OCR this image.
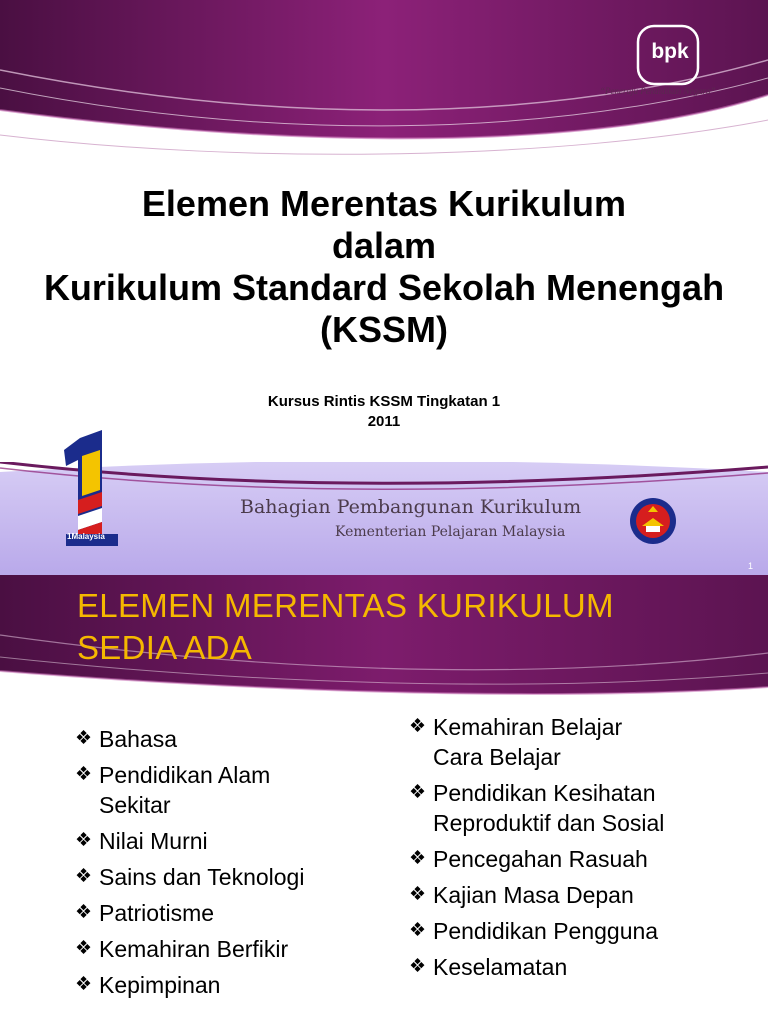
bpk
“Peneraju Pendidikan Negara”
Elemen Merentas Kurikulum
dalam
Kurikulum Standard Sekolah Menengah
(KSSM)
Kursus Rintis KSSM Tingkatan 1
2011
1Malaysia
Bahagian Pembangunan Kurikulum
Kementerian Pelajaran Malaysia
1
ELEMEN MERENTAS KURIKULUM
SEDIA ADA
❖ Bahasa
❖ Pendidikan Alam Sekitar
❖ Nilai Murni
❖ Sains dan Teknologi
❖ Patriotisme
❖ Kemahiran Berfikir
❖ Kepimpinan
❖ Kemahiran Belajar Cara Belajar
❖ Pendidikan Kesihatan Reproduktif dan Sosial
❖ Pencegahan Rasuah
❖ Kajian Masa Depan
❖ Pendidikan Pengguna
❖ Keselamatan
